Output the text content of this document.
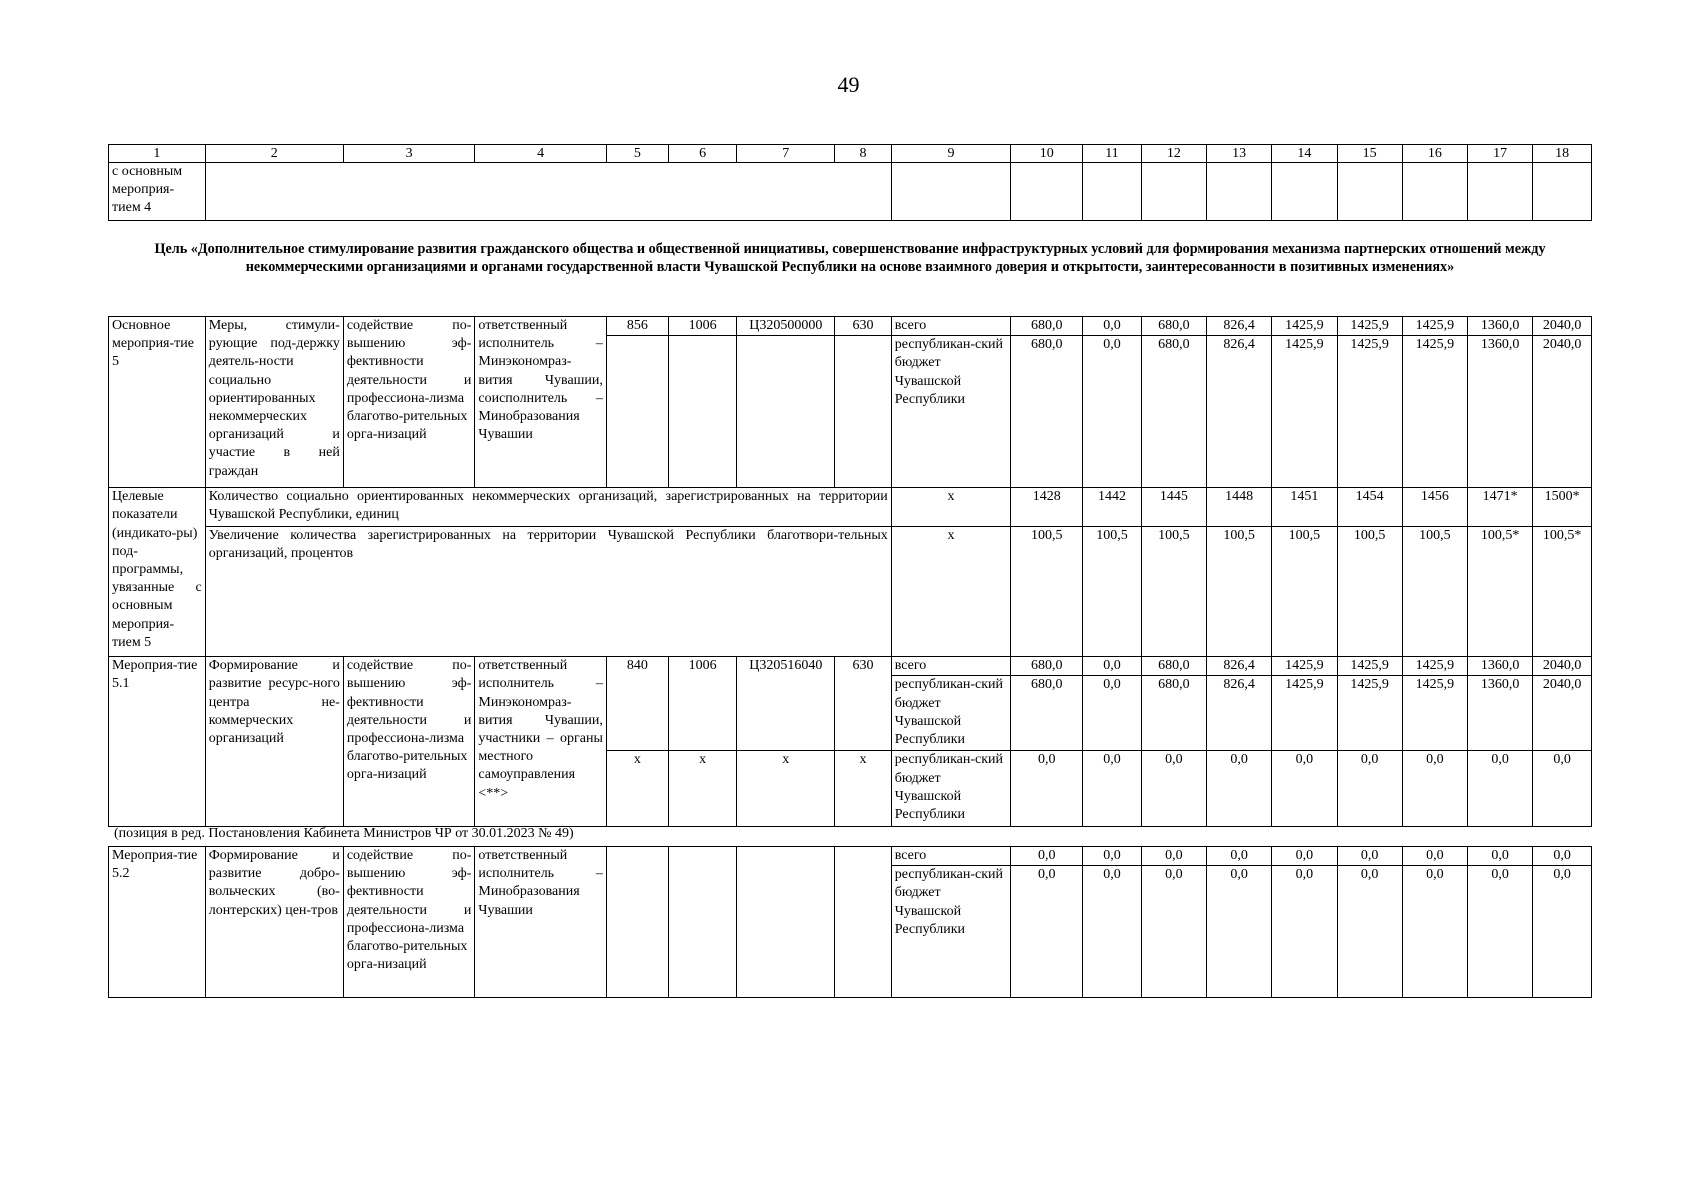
49
1	2	3	4	5	6	7	8	9	10	11	12	13	14	15	16	17	18
с основным мероприя-тием 4																	
Цель «Дополнительное стимулирование развития гражданского общества и общественной инициативы, совершенствование инфраструктурных условий для формирования механизма партнерских отношений между некоммерческими организациями и органами государственной власти Чувашской Республики на основе взаимного доверия и открытости, заинтересованности в позитивных изменениях»
Основное мероприя-тие 5	Меры, стимули-рующие под-держку деятель-ности социально ориентированных некоммерческих организаций и участие в ней граждан	содействие по-вышению эф-фективности деятельности и профессиона-лизма благотво-рительных орга-низаций	ответственный исполнитель – Минэкономраз-вития Чувашии, соисполнитель – Минобразования Чувашии	856	1006	Ц320500000	630	всего	680,0	0,0	680,0	826,4	1425,9	1425,9	1425,9	1360,0	2040,0
								республикан-ский бюджет Чувашской Республики	680,0	0,0	680,0	826,4	1425,9	1425,9	1425,9	1360,0	2040,0
Целевые показатели (индикато-ры) под-программы, увязанные с основным мероприя-тием 5	Количество социально ориентированных некоммерческих организаций, зарегистрированных на территории Чувашской Республики, единиц							x	1428	1442	1445	1448	1451	1454	1456	1471*	1500*
	Увеличение количества зарегистрированных на территории Чувашской Республики благотвори-тельных организаций, процентов							x	100,5	100,5	100,5	100,5	100,5	100,5	100,5	100,5*	100,5*
Мероприя-тие 5.1	Формирование и развитие ресурс-ного центра не-коммерческих организаций	содействие по-вышению эф-фективности деятельности и профессиона-лизма благотво-рительных орга-низаций	ответственный исполнитель – Минэкономраз-вития Чувашии, участники – органы местного самоуправления <**>	840	1006	Ц320516040	630	всего	680,0	0,0	680,0	826,4	1425,9	1425,9	1425,9	1360,0	2040,0
								республикан-ский бюджет Чувашской Республики	680,0	0,0	680,0	826,4	1425,9	1425,9	1425,9	1360,0	2040,0
				x	x	x	x	республикан-ский бюджет Чувашской Республики	0,0	0,0	0,0	0,0	0,0	0,0	0,0	0,0	0,0
(позиция в ред. Постановления Кабинета Министров ЧР от 30.01.2023 № 49)
Мероприя-тие 5.2	Формирование и развитие добро-вольческих (во-лонтерских) цен-тров	содействие по-вышению эф-фективности деятельности и профессиона-лизма благотво-рительных орга-низаций	ответственный исполнитель – Минобразования Чувашии					всего	0,0	0,0	0,0	0,0	0,0	0,0	0,0	0,0	0,0
								республикан-ский бюджет Чувашской Республики	0,0	0,0	0,0	0,0	0,0	0,0	0,0	0,0	0,0
